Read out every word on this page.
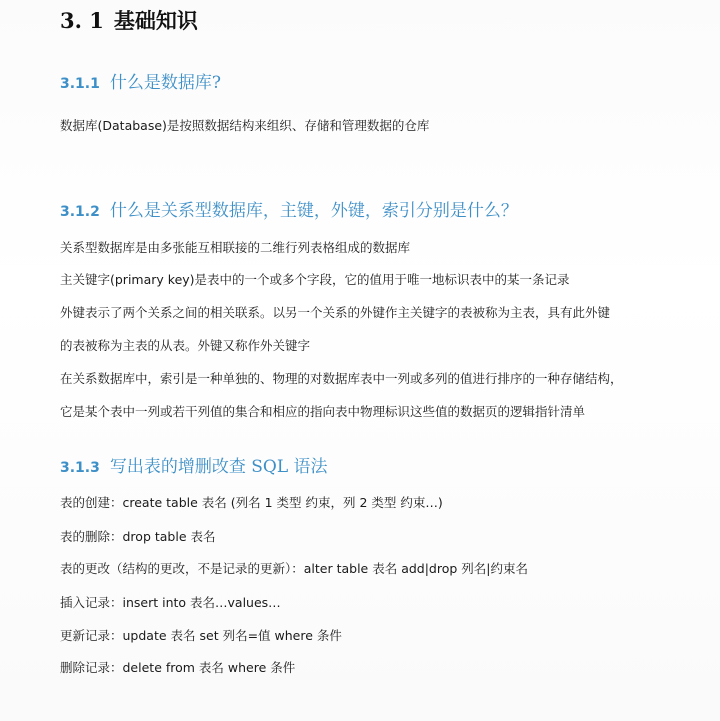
3. 1 基础知识
3.1.1 什么是数据库?
数据库(Database)是按照数据结构来组织、存储和管理数据的仓库
3.1.2 什么是关系型数据库，主键，外键，索引分别是什么？
关系型数据库是由多张能互相联接的二维行列表格组成的数据库
主关键字(primary key)是表中的一个或多个字段，它的值用于唯一地标识表中的某一条记录
外键表示了两个关系之间的相关联系。以另一个关系的外键作主关键字的表被称为主表，具有此外键
的表被称为主表的从表。外键又称作外关键字
在关系数据库中，索引是一种单独的、物理的对数据库表中一列或多列的值进行排序的一种存储结构，
它是某个表中一列或若干列值的集合和相应的指向表中物理标识这些值的数据页的逻辑指针清单
3.1.3 写出表的增删改查 SQL 语法
表的创建：create table 表名 (列名 1 类型 约束，列 2 类型 约束…)
表的删除：drop table 表名
表的更改（结构的更改，不是记录的更新）：alter table 表名 add|drop 列名|约束名
插入记录：insert into 表名…values…
更新记录：update 表名 set 列名=值 where 条件
删除记录：delete from 表名 where 条件
